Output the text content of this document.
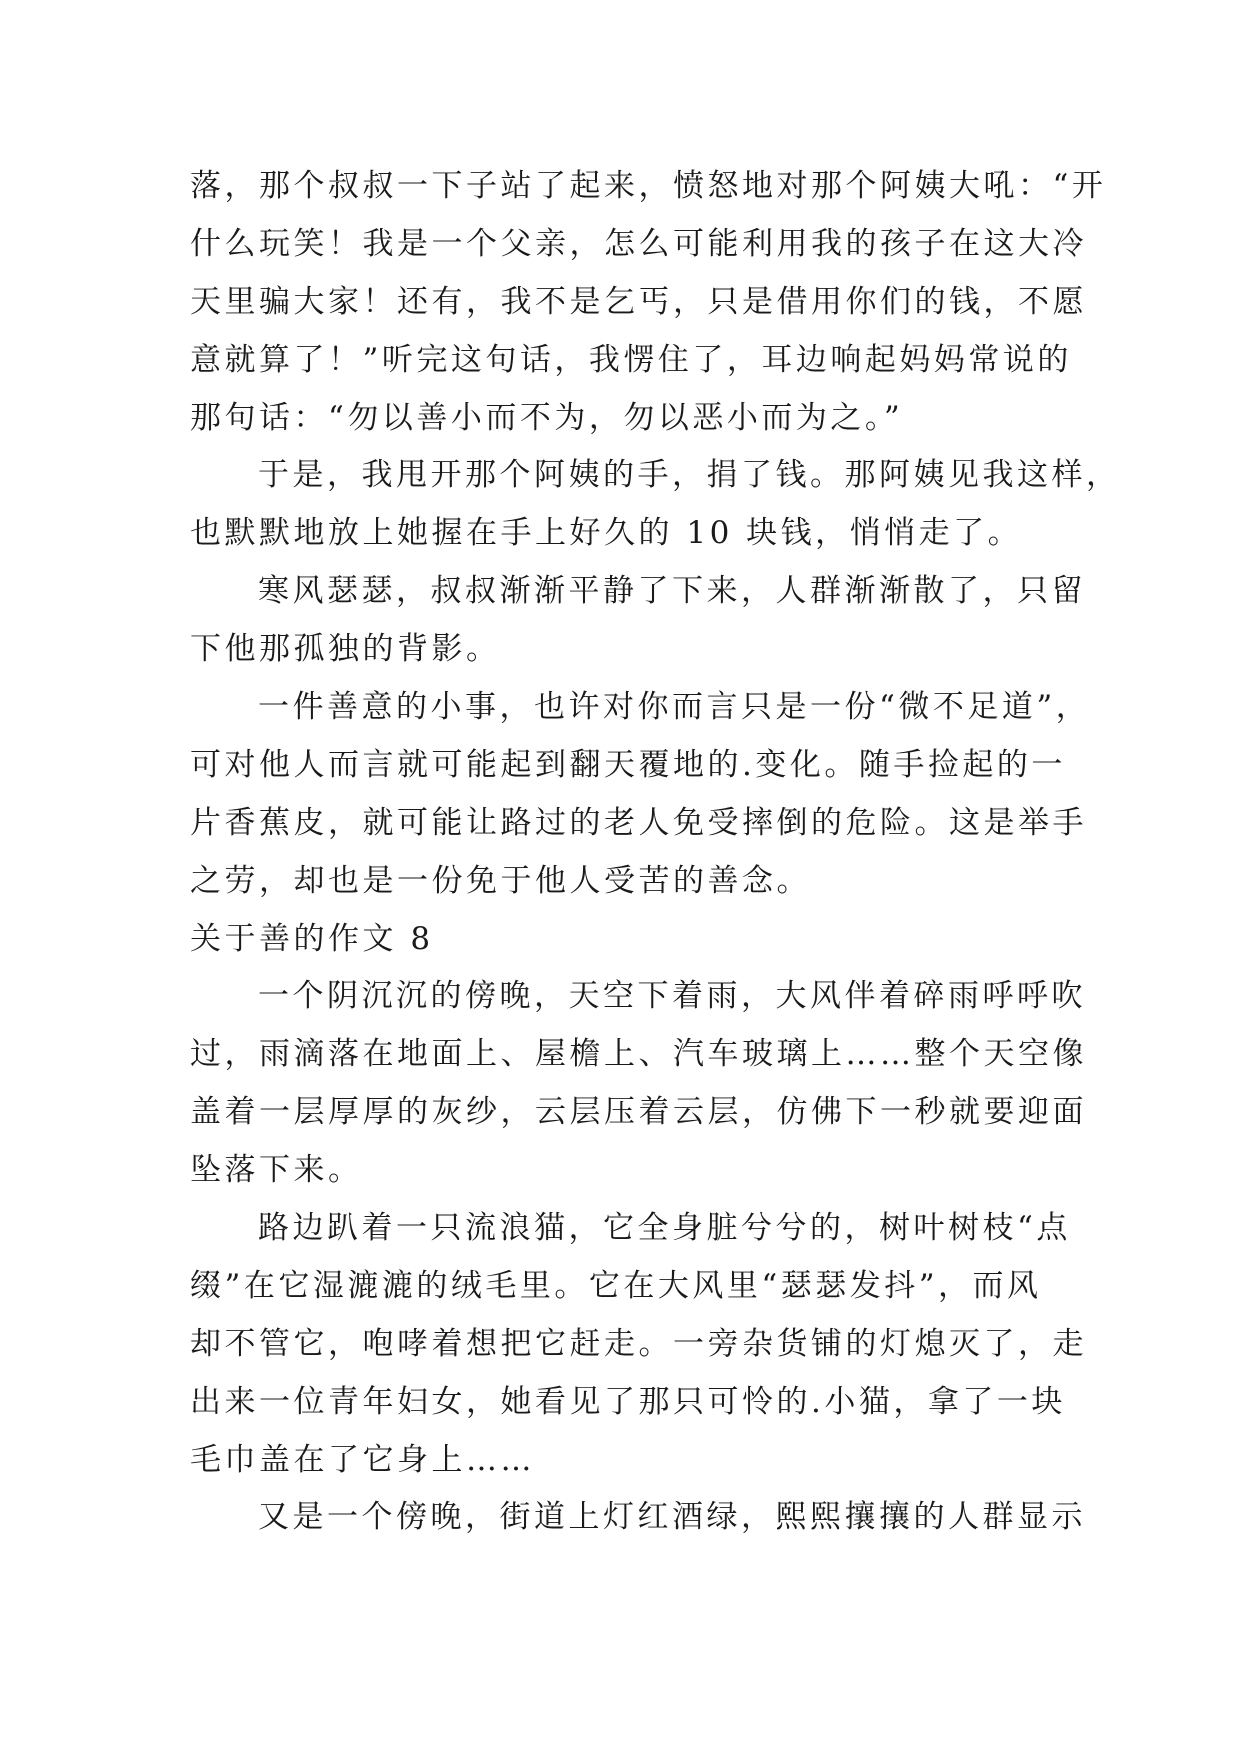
落，那个叔叔一下子站了起来，愤怒地对那个阿姨大吼：“开
什么玩笑！我是一个父亲，怎么可能利用我的孩子在这大冷
天里骗大家！还有，我不是乞丐，只是借用你们的钱，不愿
意就算了！”听完这句话，我愣住了，耳边响起妈妈常说的
那句话：“勿以善小而不为，勿以恶小而为之。”
于是，我甩开那个阿姨的手，捐了钱。那阿姨见我这样，
也默默地放上她握在手上好久的 10 块钱，悄悄走了。
寒风瑟瑟，叔叔渐渐平静了下来，人群渐渐散了，只留
下他那孤独的背影。
一件善意的小事，也许对你而言只是一份“微不足道”，
可对他人而言就可能起到翻天覆地的.变化。随手捡起的一
片香蕉皮，就可能让路过的老人免受摔倒的危险。这是举手
之劳，却也是一份免于他人受苦的善念。
关于善的作文 8
一个阴沉沉的傍晚，天空下着雨，大风伴着碎雨呼呼吹
过，雨滴落在地面上、屋檐上、汽车玻璃上……整个天空像
盖着一层厚厚的灰纱，云层压着云层，仿佛下一秒就要迎面
坠落下来。
路边趴着一只流浪猫，它全身脏兮兮的，树叶树枝“点
缀”在它湿漉漉的绒毛里。它在大风里“瑟瑟发抖”，而风
却不管它，咆哮着想把它赶走。一旁杂货铺的灯熄灭了，走
出来一位青年妇女，她看见了那只可怜的.小猫，拿了一块
毛巾盖在了它身上……
又是一个傍晚，街道上灯红酒绿，熙熙攘攘的人群显示
